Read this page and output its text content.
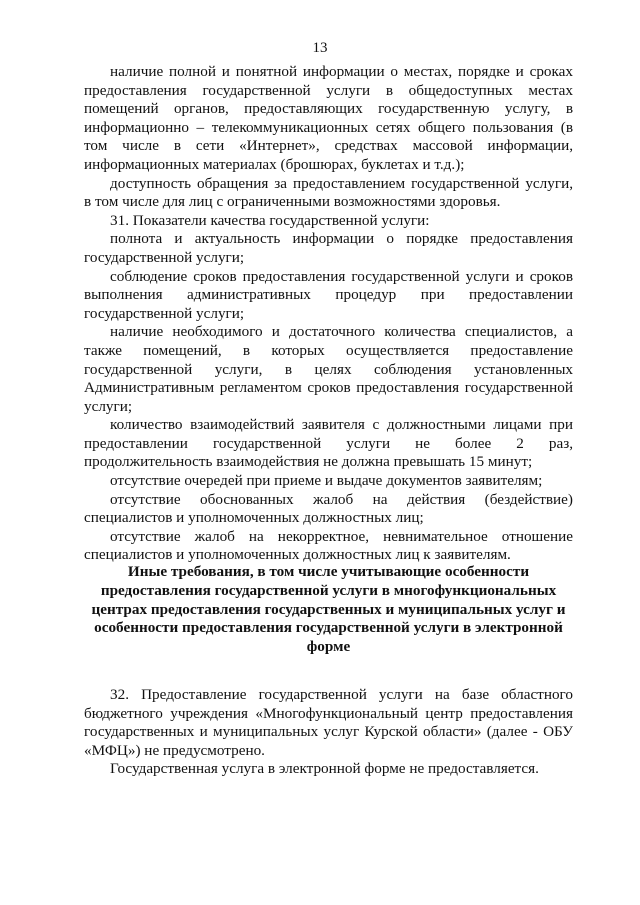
13

наличие полной и понятной информации о местах, порядке и сроках предоставления государственной услуги в общедоступных местах помещений органов, предоставляющих государственную услугу, в информационно – телекоммуникационных сетях общего пользования (в том числе в сети «Интернет», средствах массовой информации, информационных материалах (брошюрах, буклетах и т.д.);

доступность обращения за предоставлением государственной услуги, в том числе для лиц с ограниченными возможностями здоровья.

31. Показатели качества государственной услуги:

полнота и актуальность информации о порядке предоставления государственной услуги;

соблюдение сроков предоставления государственной услуги и сроков выполнения административных процедур при предоставлении государственной услуги;

наличие необходимого и достаточного количества специалистов, а также помещений, в которых осуществляется предоставление государственной услуги, в целях соблюдения установленных Административным регламентом сроков предоставления государственной услуги;

количество взаимодействий заявителя с должностными лицами при предоставлении государственной услуги не более 2 раз, продолжительность взаимодействия не должна превышать 15 минут;

отсутствие очередей при приеме и выдаче документов заявителям;

отсутствие обоснованных жалоб на действия (бездействие) специалистов и уполномоченных должностных лиц;

отсутствие жалоб на некорректное, невнимательное отношение специалистов и уполномоченных должностных лиц к заявителям.

Иные требования, в том числе учитывающие особенности

предоставления государственной услуги в многофункциональных

центрах предоставления государственных и муниципальных услуг и

особенности предоставления государственной услуги в электронной

форме

32. Предоставление государственной услуги на базе областного бюджетного учреждения «Многофункциональный центр предоставления государственных и муниципальных услуг Курской области» (далее - ОБУ «МФЦ») не предусмотрено.

Государственная услуга в электронной форме не предоставляется.
